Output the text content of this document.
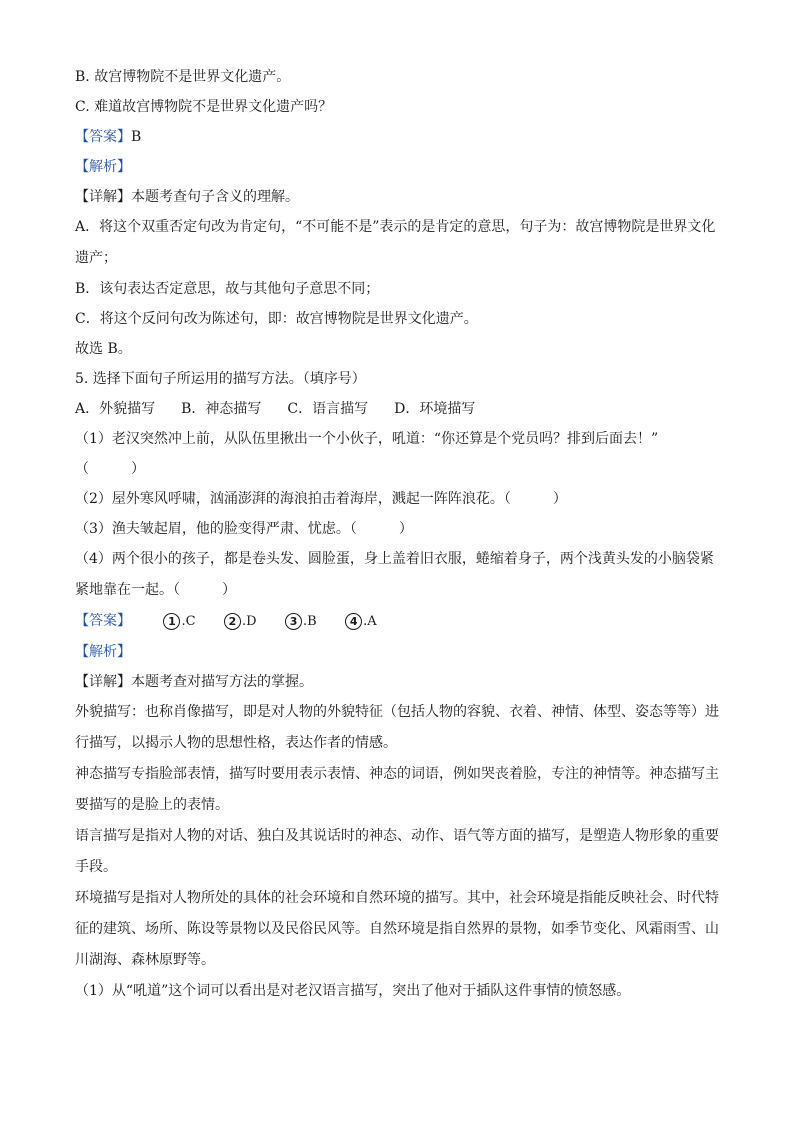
B. 故宫博物院不是世界文化遗产。

C. 难道故宫博物院不是世界文化遗产吗？

【答案】B

【解析】

【详解】本题考查句子含义的理解。

A．将这个双重否定句改为肯定句，“不可能不是”表示的是肯定的意思，句子为：故宫博物院是世界文化遗产；

B．该句表达否定意思，故与其他句子意思不同；

C．将这个反问句改为陈述句，即：故宫博物院是世界文化遗产。

故选 B。

5. 选择下面句子所运用的描写方法。（填序号）

A．外貌描写 B．神态描写 C．语言描写 D．环境描写

（1）老汉突然冲上前，从队伍里揪出一个小伙子，吼道：“你还算是个党员吗？排到后面去！”

（　　　）

（2）屋外寒风呼啸，汹涌澎湃的海浪拍击着海岸，溅起一阵阵浪花。（　　　）

（3）渔夫皱起眉，他的脸变得严肃、忧虑。（　　　）

（4）两个很小的孩子，都是卷头发、圆脸蛋，身上盖着旧衣服，蜷缩着身子，两个浅黄头发的小脑袋紧紧地靠在一起。（　　　）

【答案】	1 .C	2 .D	3 .B	4 .A

【解析】

【详解】本题考查对描写方法的掌握。

外貌描写：也称肖像描写，即是对人物的外貌特征（包括人物的容貌、衣着、神情、体型、姿态等等）进行描写，以揭示人物的思想性格，表达作者的情感。

神态描写专指脸部表情，描写时要用表示表情、神态的词语，例如哭丧着脸，专注的神情等。神态描写主要描写的是脸上的表情。

语言描写是指对人物的对话、独白及其说话时的神态、动作、语气等方面的描写，是塑造人物形象的重要手段。

环境描写是指对人物所处的具体的社会环境和自然环境的描写。其中，社会环境是指能反映社会、时代特征的建筑、场所、陈设等景物以及民俗民风等。自然环境是指自然界的景物，如季节变化、风霜雨雪、山川湖海、森林原野等。

（1）从“吼道”这个词可以看出是对老汉语言描写，突出了他对于插队这件事情的愤怒感。
